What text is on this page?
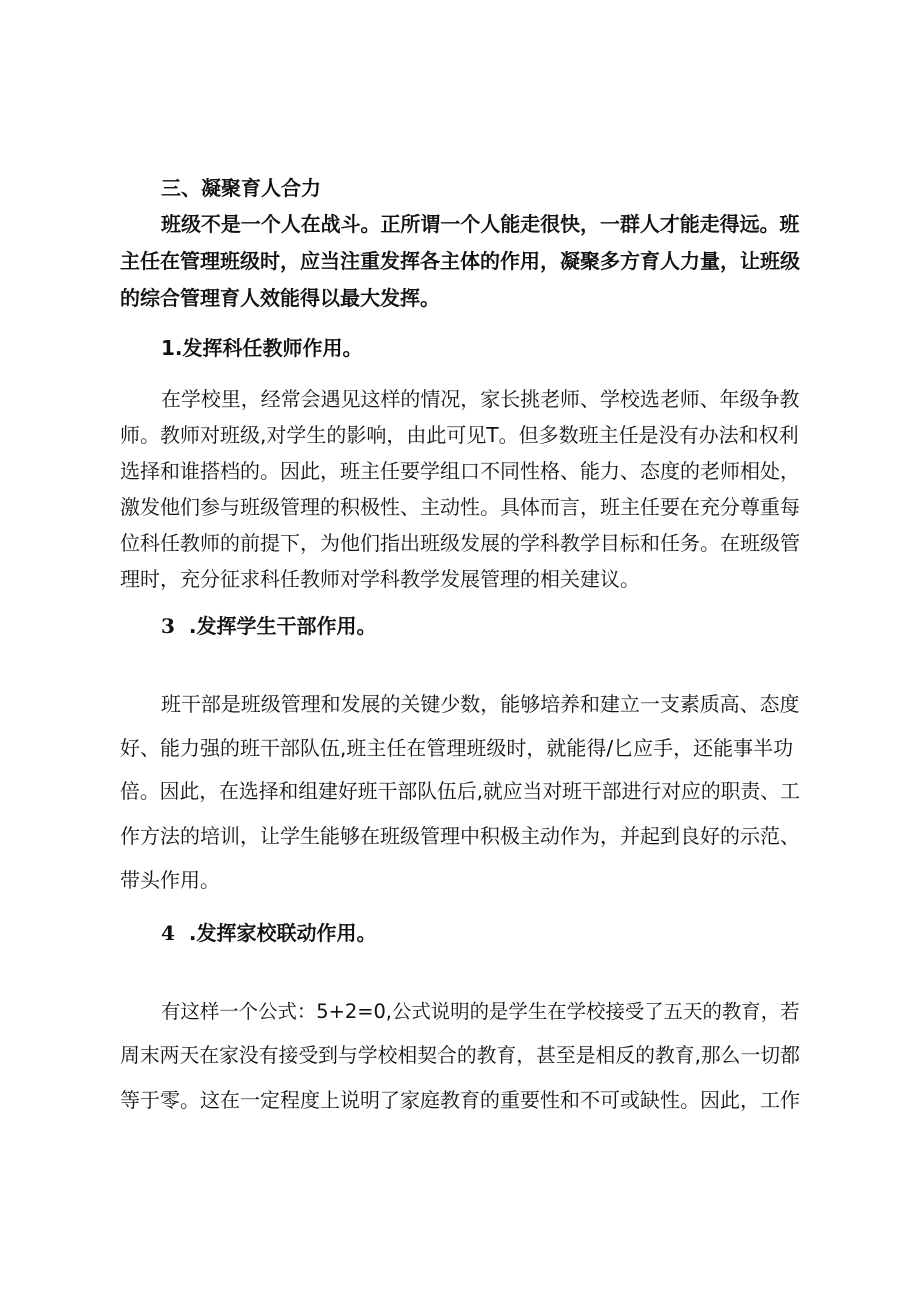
三、凝聚育人合力
班级不是一个人在战斗。正所谓一个人能走很快，一群人才能走得远。班
主任在管理班级时，应当注重发挥各主体的作用，凝聚多方育人力量，让班级
的综合管理育人效能得以最大发挥。
1.发挥科任教师作用。
在学校里，经常会遇见这样的情况，家长挑老师、学校选老师、年级争教
师。教师对班级,对学生的影响，由此可见T。但多数班主任是没有办法和权利
选择和谁搭档的。因此，班主任要学组口不同性格、能力、态度的老师相处，
激发他们参与班级管理的积极性、主动性。具体而言，班主任要在充分尊重每
位科任教师的前提下，为他们指出班级发展的学科教学目标和任务。在班级管
理时，充分征求科任教师对学科教学发展管理的相关建议。
3 .发挥学生干部作用。
班干部是班级管理和发展的关键少数，能够培养和建立一支素质高、态度
好、能力强的班干部队伍,班主任在管理班级时，就能得/匕应手，还能事半功
倍。因此，在选择和组建好班干部队伍后,就应当对班干部进行对应的职责、工
作方法的培训，让学生能够在班级管理中积极主动作为，并起到良好的示范、
带头作用。
4 .发挥家校联动作用。
有这样一个公式：5+2=0,公式说明的是学生在学校接受了五天的教育，若
周末两天在家没有接受到与学校相契合的教育，甚至是相反的教育,那么一切都
等于零。这在一定程度上说明了家庭教育的重要性和不可或缺性。因此，工作
